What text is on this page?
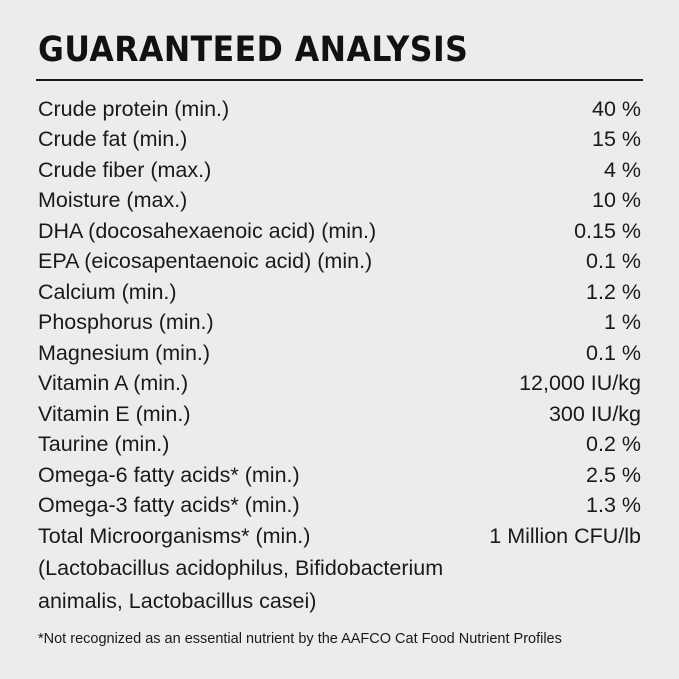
GUARANTEED ANALYSIS
Crude protein (min.)	40 %
Crude fat (min.)	15 %
Crude fiber (max.)	4 %
Moisture (max.)	10 %
DHA (docosahexaenoic acid) (min.)	0.15 %
EPA (eicosapentaenoic acid) (min.)	0.1 %
Calcium (min.)	1.2 %
Phosphorus (min.)	1 %
Magnesium (min.)	0.1 %
Vitamin A (min.)	12,000 IU/kg
Vitamin E (min.)	300 IU/kg
Taurine (min.)	0.2 %
Omega-6 fatty acids* (min.)	2.5 %
Omega-3 fatty acids* (min.)	1.3 %
Total Microorganisms* (min.)	1 Million CFU/lb
(Lactobacillus acidophilus, Bifidobacterium
animalis, Lactobacillus casei)
*Not recognized as an essential nutrient by the AAFCO Cat Food Nutrient Profiles
